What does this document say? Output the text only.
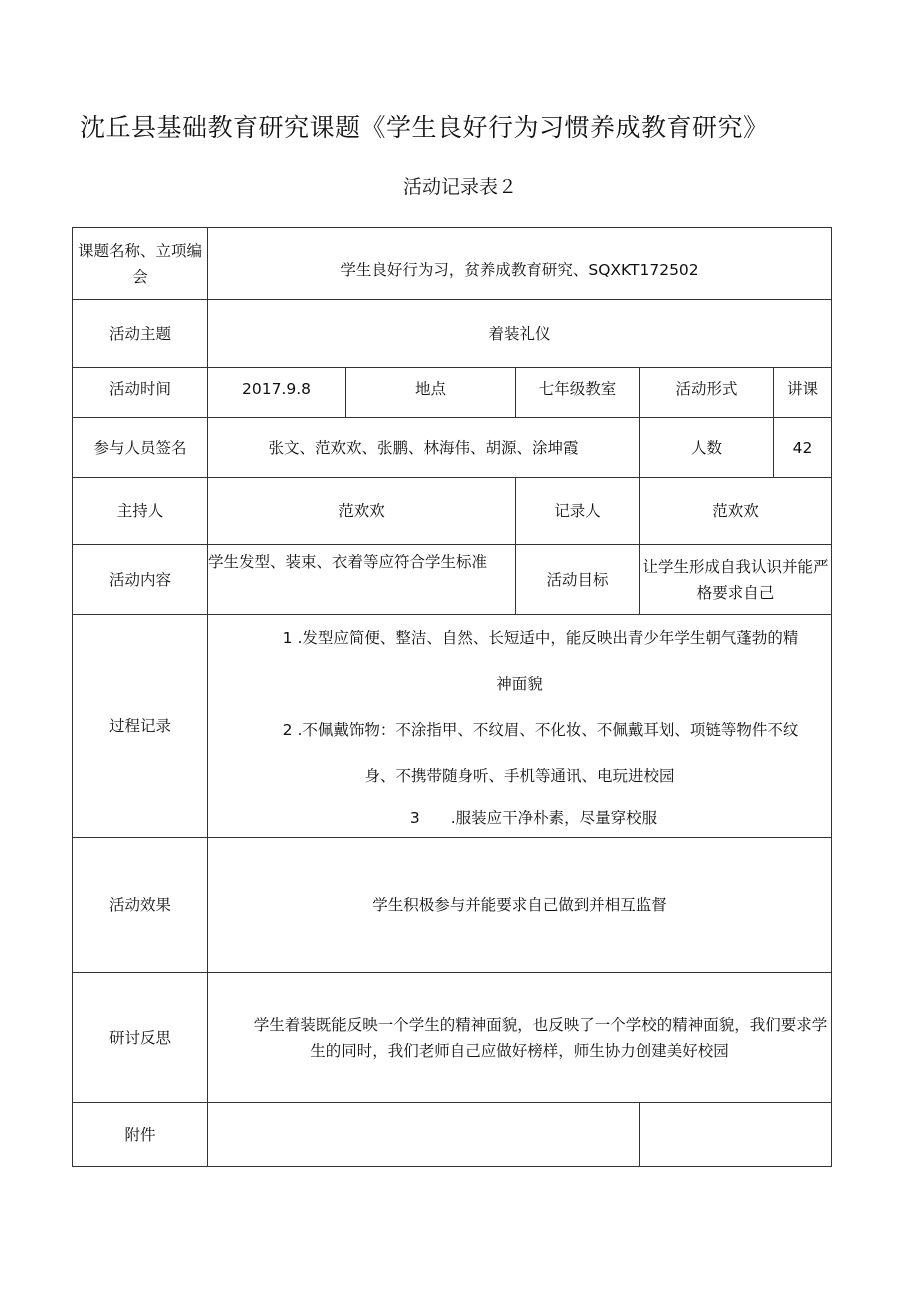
沈丘县基础教育研究课题《学生良好行为习惯养成教育研究》
活动记录表２
课题名称、立项编会	学生良好行为习，贫养成教育研究、SQXKT172502				
活动主题	着装礼仪				
活动时间	2017.9.8	地点	七年级教室	活动形式	讲课
参与人员签名	张文、范欢欢、张鹏、林海伟、胡源、涂坤霞			人数	42
主持人	范欢欢		记录人	范欢欢	
活动内容	学生发型、装束、衣着等应符合学生标准		活动目标	让学生形成自我认识并能严格要求自己	
过程记录	1 .发型应简便、整洁、自然、长短适中，能反映出青少年学生朝气蓬勃的精
神面貌
2 .不佩戴饰物：不涂指甲、不纹眉、不化妆、不佩戴耳划、项链等物件不纹
身、不携带随身听、手机等通讯、电玩进校园
3　　.服装应干净朴素，尽量穿校服				

活动效果	学生积极参与并能要求自己做到并相互监督				
研讨反思	学生着装既能反映一个学生的精神面貌，也反映了一个学校的精神面貌，我们要求学生的同时，我们老师自己应做好榜样，师生协力创建美好校园				
附件					
